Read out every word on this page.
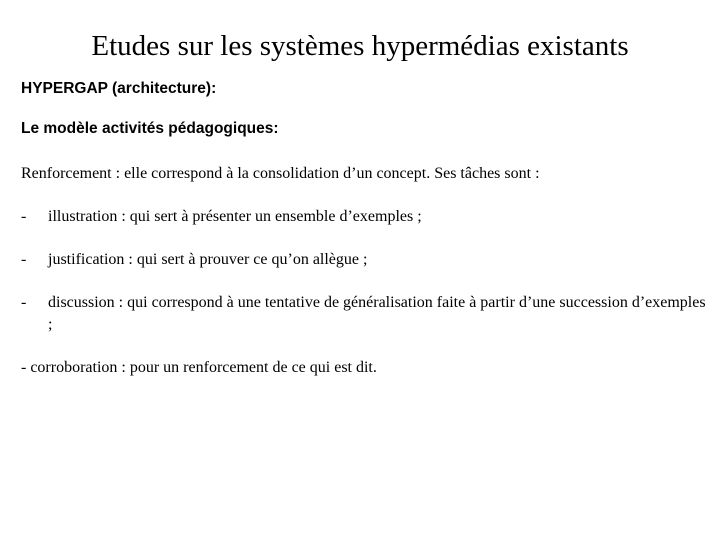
Etudes sur les systèmes hypermédias existants
HYPERGAP (architecture):
Le modèle activités pédagogiques:
Renforcement : elle correspond à la consolidation d’un concept. Ses tâches sont :
- illustration : qui sert à présenter un ensemble d’exemples ;
- justification : qui sert à prouver ce qu’on allègue ;
- discussion : qui correspond à une tentative de généralisation faite à partir d’une succession d’exemples ;
- corroboration : pour un renforcement de ce qui est dit.
